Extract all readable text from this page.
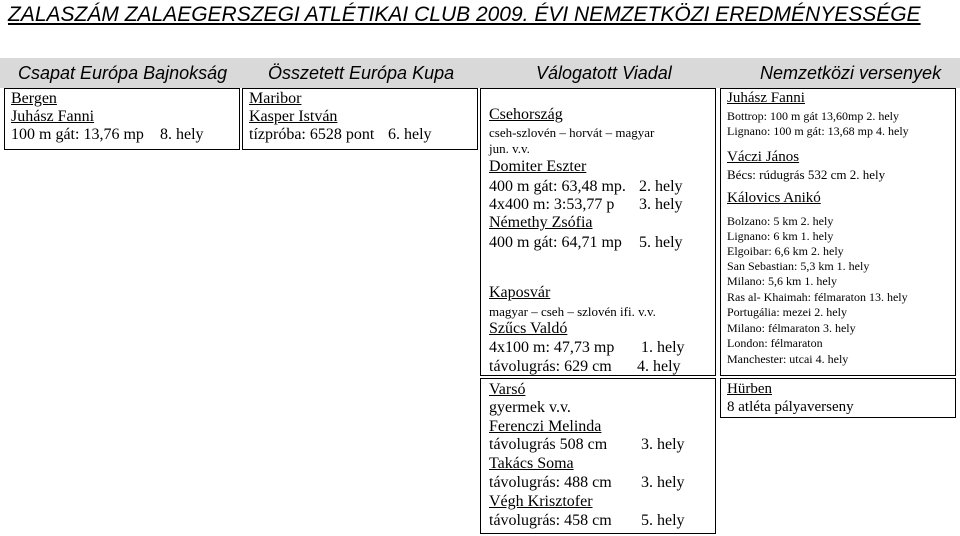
ZALASZÁM ZALAEGERSZEGI ATLÉTIKAI CLUB 2009. ÉVI NEMZETKÖZI EREDMÉNYESSÉGE
Csapat Európa Bajnokság Összetett Európa Kupa	Válogatott Viadal	Nemzetközi versenyek
Bergen
Juhász Fanni
100 m gát: 13,76 mp 8. hely
Maribor
Kasper István
tízpróba: 6528 pont 6. hely
Csehország
cseh-szlovén – horvát – magyar
jun. v.v.
Domiter Eszter
400 m gát: 63,48 mp. 2. hely
4x400 m: 3:53,77 p 3. hely
Némethy Zsófia
400 m gát: 64,71 mp 5. hely
Kaposvár
magyar – cseh – szlovén ifi. v.v.
Szűcs Valdó
4x100 m: 47,73 mp 1. hely
távolugrás: 629 cm 4. hely
Varsó
gyermek v.v.
Ferenczi Melinda
távolugrás 508 cm 3. hely
Takács Soma
távolugrás: 488 cm 3. hely
Végh Krisztofer
távolugrás: 458 cm 5. hely
Juhász Fanni
Bottrop: 100 m gát 13,60mp 2. hely
Lignano: 100 m gát: 13,68 mp 4. hely
Váczi János
Bécs: rúdugrás 532 cm 2. hely
Kálovics Anikó
Bolzano: 5 km 2. hely
Lignano: 6 km 1. hely
Elgoibar: 6,6 km 2. hely
San Sebastian: 5,3 km 1. hely
Milano: 5,6 km 1. hely
Ras al- Khaimah: félmaraton 13. hely
Portugália: mezei 2. hely
Milano: félmaraton 3. hely
London: félmaraton
Manchester: utcai 4. hely
Hürben
8 atléta pályaverseny
